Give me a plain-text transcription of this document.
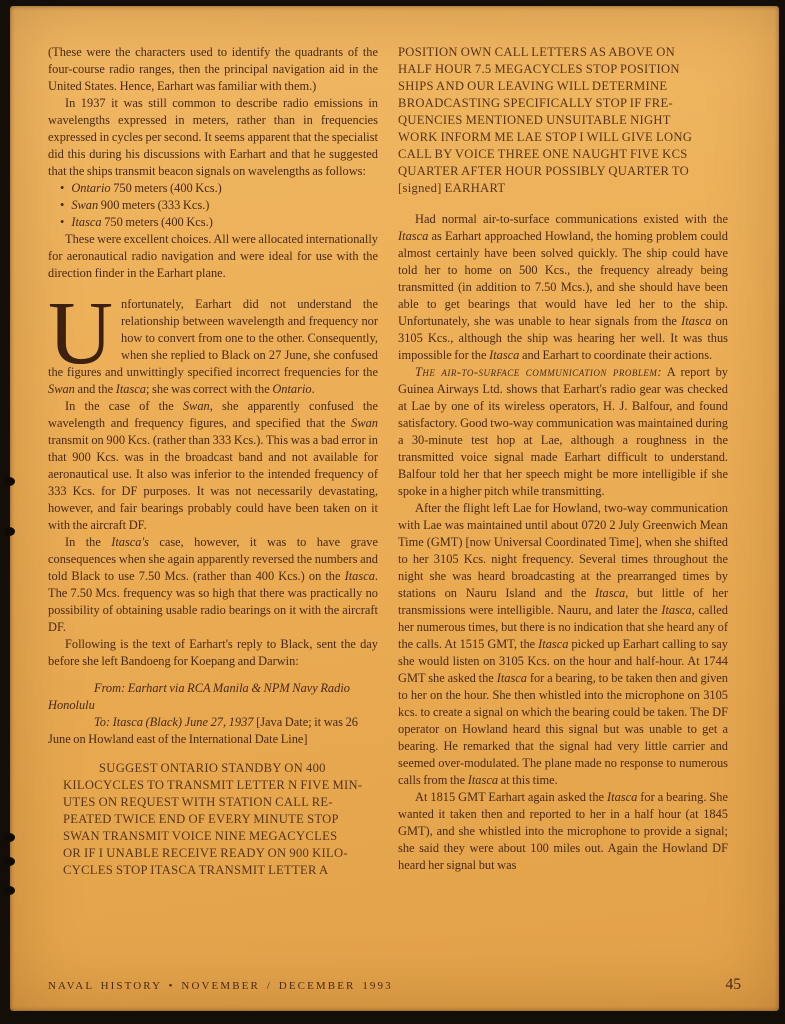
(These were the characters used to identify the quadrants of the four-course radio ranges, then the principal navigation aid in the United States. Hence, Earhart was familiar with them.)

In 1937 it was still common to describe radio emissions in wavelengths expressed in meters, rather than in frequencies expressed in cycles per second. It seems apparent that the specialist did this during his discussions with Earhart and that he suggested that the ships transmit beacon signals on wavelengths as follows:

• Ontario 750 meters (400 Kcs.)
• Swan 900 meters (333 Kcs.)
• Itasca 750 meters (400 Kcs.)

These were excellent choices. All were allocated internationally for aeronautical radio navigation and were ideal for use with the direction finder in the Earhart plane.

Unfortunately, Earhart did not understand the relationship between wavelength and frequency nor how to convert from one to the other. Consequently, when she replied to Black on 27 June, she confused the figures and unwittingly specified incorrect frequencies for the Swan and the Itasca; she was correct with the Ontario.

In the case of the Swan, she apparently confused the wavelength and frequency figures, and specified that the Swan transmit on 900 Kcs. (rather than 333 Kcs.). This was a bad error in that 900 Kcs. was in the broadcast band and not available for aeronautical use. It also was inferior to the intended frequency of 333 Kcs. for DF purposes. It was not necessarily devastating, however, and fair bearings probably could have been taken on it with the aircraft DF.

In the Itasca's case, however, it was to have grave consequences when she again apparently reversed the numbers and told Black to use 7.50 Mcs. (rather than 400 Kcs.) on the Itasca. The 7.50 Mcs. frequency was so high that there was practically no possibility of obtaining usable radio bearings on it with the aircraft DF.

Following is the text of Earhart's reply to Black, sent the day before she left Bandoeng for Koepang and Darwin:

From: Earhart via RCA Manila & NPM Navy Radio Honolulu

To: Itasca (Black) June 27, 1937 [Java Date; it was 26 June on Howland east of the International Date Line]

SUGGEST ONTARIO STANDBY ON 400
KILOCYCLES TO TRANSMIT LETTER N FIVE MIN-
UTES ON REQUEST WITH STATION CALL RE-
PEATED TWICE END OF EVERY MINUTE STOP
SWAN TRANSMIT VOICE NINE MEGACYCLES
OR IF I UNABLE RECEIVE READY ON 900 KILO-
CYCLES STOP ITASCA TRANSMIT LETTER A
POSITION OWN CALL LETTERS AS ABOVE ON
HALF HOUR 7.5 MEGACYCLES STOP POSITION
SHIPS AND OUR LEAVING WILL DETERMINE
BROADCASTING SPECIFICALLY STOP IF FRE-
QUENCIES MENTIONED UNSUITABLE NIGHT
WORK INFORM ME LAE STOP I WILL GIVE LONG
CALL BY VOICE THREE ONE NAUGHT FIVE KCS
QUARTER AFTER HOUR POSSIBLY QUARTER TO
[signed] EARHART

Had normal air-to-surface communications existed with the Itasca as Earhart approached Howland, the homing problem could almost certainly have been solved quickly. The ship could have told her to home on 500 Kcs., the frequency already being transmitted (in addition to 7.50 Mcs.), and she should have been able to get bearings that would have led her to the ship. Unfortunately, she was unable to hear signals from the Itasca on 3105 Kcs., although the ship was hearing her well. It was thus impossible for the Itasca and Earhart to coordinate their actions.

The air-to-surface communication problem: A report by Guinea Airways Ltd. shows that Earhart's radio gear was checked at Lae by one of its wireless operators, H. J. Balfour, and found satisfactory. Good two-way communication was maintained during a 30-minute test hop at Lae, although a roughness in the transmitted voice signal made Earhart difficult to understand. Balfour told her that her speech might be more intelligible if she spoke in a higher pitch while transmitting.

After the flight left Lae for Howland, two-way communication with Lae was maintained until about 0720 2 July Greenwich Mean Time (GMT) [now Universal Coordinated Time], when she shifted to her 3105 Kcs. night frequency. Several times throughout the night she was heard broadcasting at the prearranged times by stations on Nauru Island and the Itasca, but little of her transmissions were intelligible. Nauru, and later the Itasca, called her numerous times, but there is no indication that she heard any of the calls. At 1515 GMT, the Itasca picked up Earhart calling to say she would listen on 3105 Kcs. on the hour and half-hour. At 1744 GMT she asked the Itasca for a bearing, to be taken then and given to her on the hour. She then whistled into the microphone on 3105 kcs. to create a signal on which the bearing could be taken. The DF operator on Howland heard this signal but was unable to get a bearing. He remarked that the signal had very little carrier and seemed over-modulated. The plane made no response to numerous calls from the Itasca at this time.

At 1815 GMT Earhart again asked the Itasca for a bearing. She wanted it taken then and reported to her in a half hour (at 1845 GMT), and she whistled into the microphone to provide a signal; she said they were about 100 miles out. Again the Howland DF heard her signal but was

NAVAL HISTORY • NOVEMBER / DECEMBER 1993	45
